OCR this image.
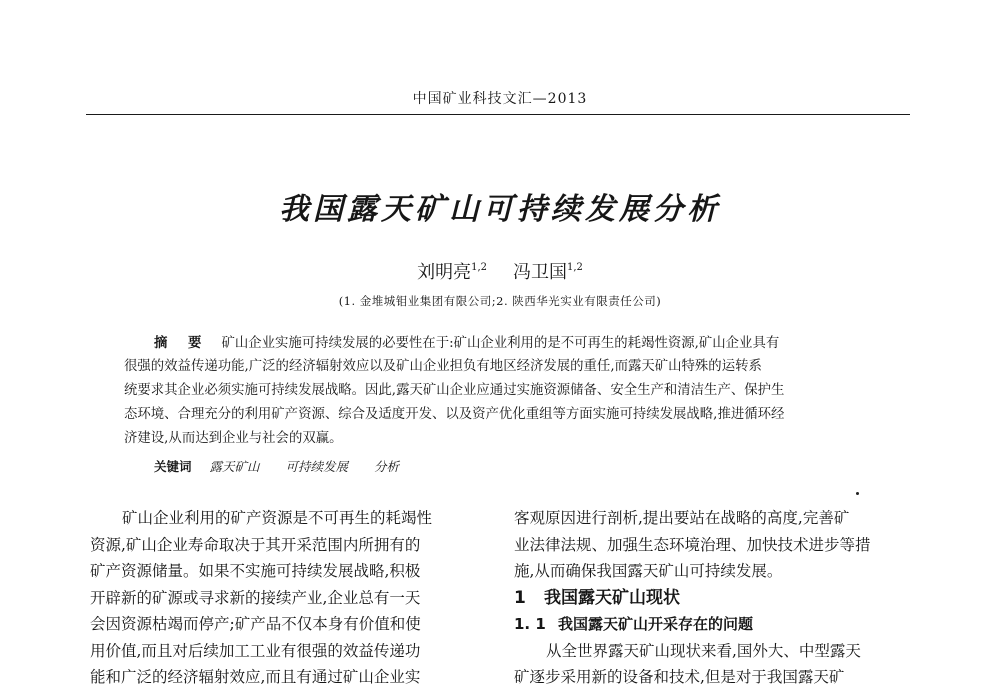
中国矿业科技文汇—2013
我国露天矿山可持续发展分析
刘明亮$^{1,2}$ 冯卫国$^{1,2}$
(1. 金堆城钼业集团有限公司;2. 陕西华光实业有限责任公司)
摘 要 矿山企业实施可持续发展的必要性在于:矿山企业利用的是不可再生的耗竭性资源,矿山企业具有
很强的效益传递功能,广泛的经济辐射效应以及矿山企业担负有地区经济发展的重任,而露天矿山特殊的运转系
统要求其企业必须实施可持续发展战略。因此,露天矿山企业应通过实施资源储备、安全生产和清洁生产、保护生
态环境、合理充分的利用矿产资源、综合及适度开发、以及资产优化重组等方面实施可持续发展战略,推进循环经
济建设,从而达到企业与社会的双赢。
关键词 露天矿山 可持续发展 分析
矿山企业利用的矿产资源是不可再生的耗竭性
资源,矿山企业寿命取决于其开采范围内所拥有的
矿产资源储量。如果不实施可持续发展战略,积极
开辟新的矿源或寻求新的接续产业,企业总有一天
会因资源枯竭而停产;矿产品不仅本身有价值和使
用价值,而且对后续加工工业有很强的效益传递功
能和广泛的经济辐射效应,而且有通过矿山企业实
客观原因进行剖析,提出要站在战略的高度,完善矿
业法律法规、加强生态环境治理、加快技术进步等措
施,从而确保我国露天矿山可持续发展。
1 我国露天矿山现状
1. 1 我国露天矿山开采存在的问题
从全世界露天矿山现状来看,国外大、中型露天
矿逐步采用新的设备和技术,但是对于我国露天矿
